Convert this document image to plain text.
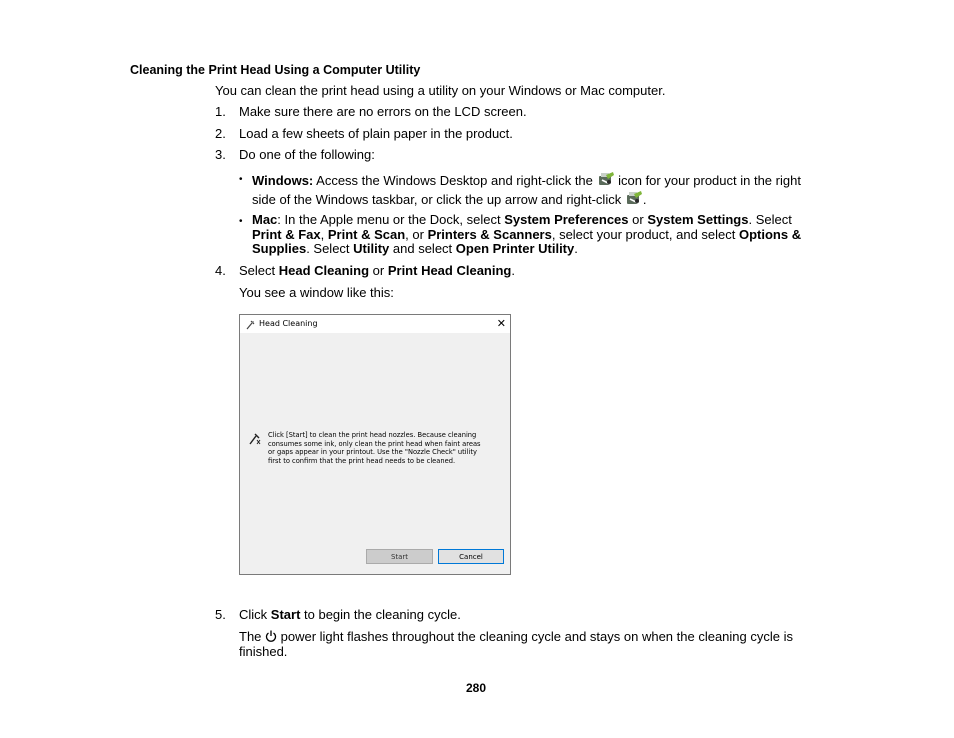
Cleaning the Print Head Using a Computer Utility
You can clean the print head using a utility on your Windows or Mac computer.
1. Make sure there are no errors on the LCD screen.
2. Load a few sheets of plain paper in the product.
3. Do one of the following:
• Windows: Access the Windows Desktop and right-click the  icon for your product in the right side of the Windows taskbar, or click the up arrow and right-click .
• Mac: In the Apple menu or the Dock, select System Preferences or System Settings. Select Print & Fax, Print & Scan, or Printers & Scanners, select your product, and select Options & Supplies. Select Utility and select Open Printer Utility.
4. Select Head Cleaning or Print Head Cleaning.
You see a window like this:
Head Cleaning	✕
Click [Start] to clean the print head nozzles. Because cleaning consumes some ink, only clean the print head when faint areas or gaps appear in your printout. Use the "Nozzle Check" utility first to confirm that the print head needs to be cleaned.
Start	Cancel
5. Click Start to begin the cleaning cycle.
The  power light flashes throughout the cleaning cycle and stays on when the cleaning cycle is finished.
280
